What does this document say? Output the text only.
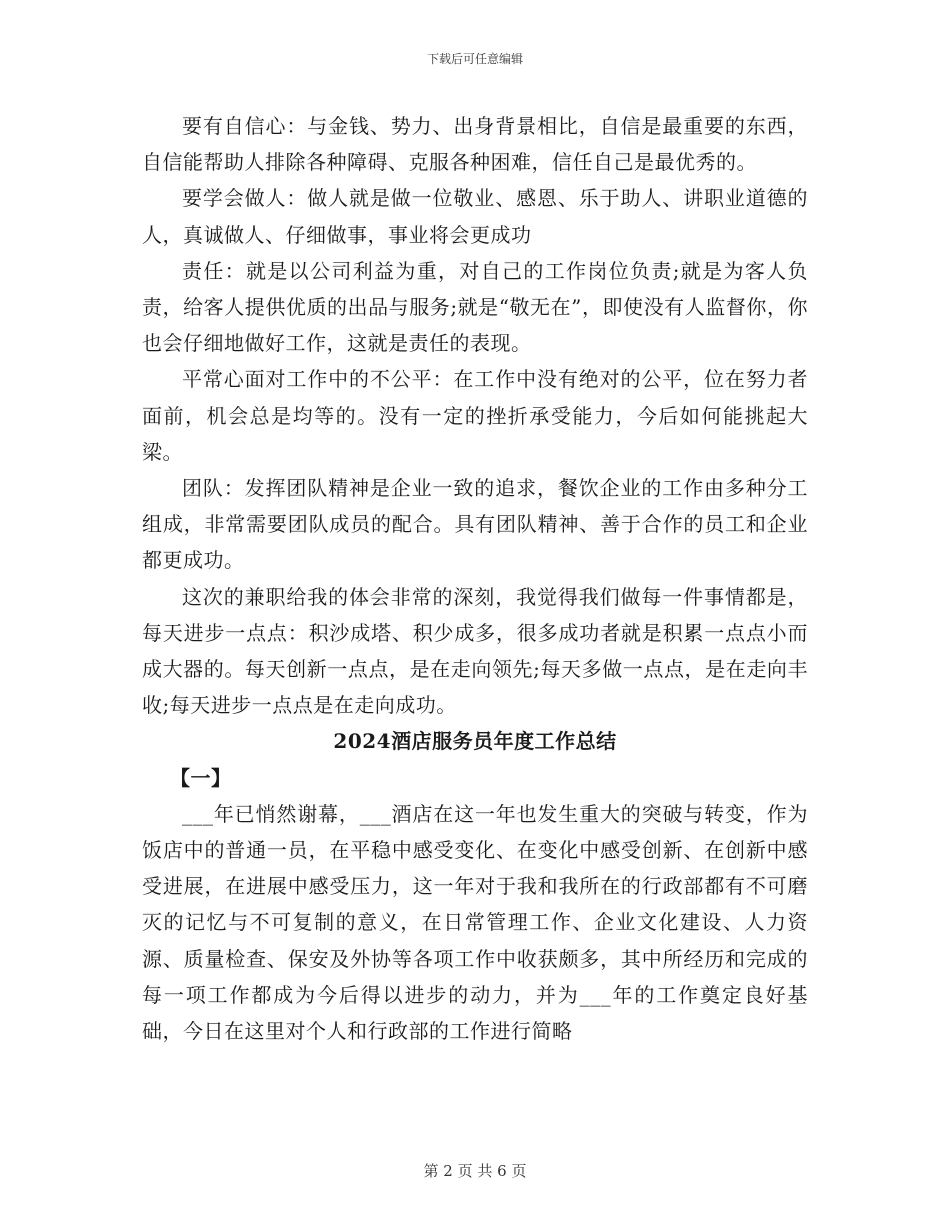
下载后可任意编辑

要有自信心：与金钱、势力、出身背景相比，自信是最重要的东西，自信能帮助人排除各种障碍、克服各种困难，信任自己是最优秀的。

要学会做人：做人就是做一位敬业、感恩、乐于助人、讲职业道德的人，真诚做人、仔细做事，事业将会更成功

责任：就是以公司利益为重，对自己的工作岗位负责;就是为客人负责，给客人提供优质的出品与服务;就是“敬无在”，即使没有人监督你，你也会仔细地做好工作，这就是责任的表现。

平常心面对工作中的不公平：在工作中没有绝对的公平，位在努力者面前，机会总是均等的。没有一定的挫折承受能力，今后如何能挑起大梁。

团队：发挥团队精神是企业一致的追求，餐饮企业的工作由多种分工组成，非常需要团队成员的配合。具有团队精神、善于合作的员工和企业都更成功。

这次的兼职给我的体会非常的深刻，我觉得我们做每一件事情都是，每天进步一点点：积沙成塔、积少成多，很多成功者就是积累一点点小而成大器的。每天创新一点点，是在走向领先;每天多做一点点，是在走向丰收;每天进步一点点是在走向成功。

2024酒店服务员年度工作总结

【一】

___年已悄然谢幕，___酒店在这一年也发生重大的突破与转变，作为饭店中的普通一员，在平稳中感受变化、在变化中感受创新、在创新中感受进展，在进展中感受压力，这一年对于我和我所在的行政部都有不可磨灭的记忆与不可复制的意义，在日常管理工作、企业文化建设、人力资源、质量检查、保安及外协等各项工作中收获颇多，其中所经历和完成的每一项工作都成为今后得以进步的动力，并为___年的工作奠定良好基础，今日在这里对个人和行政部的工作进行简略

第 2 页 共 6 页
